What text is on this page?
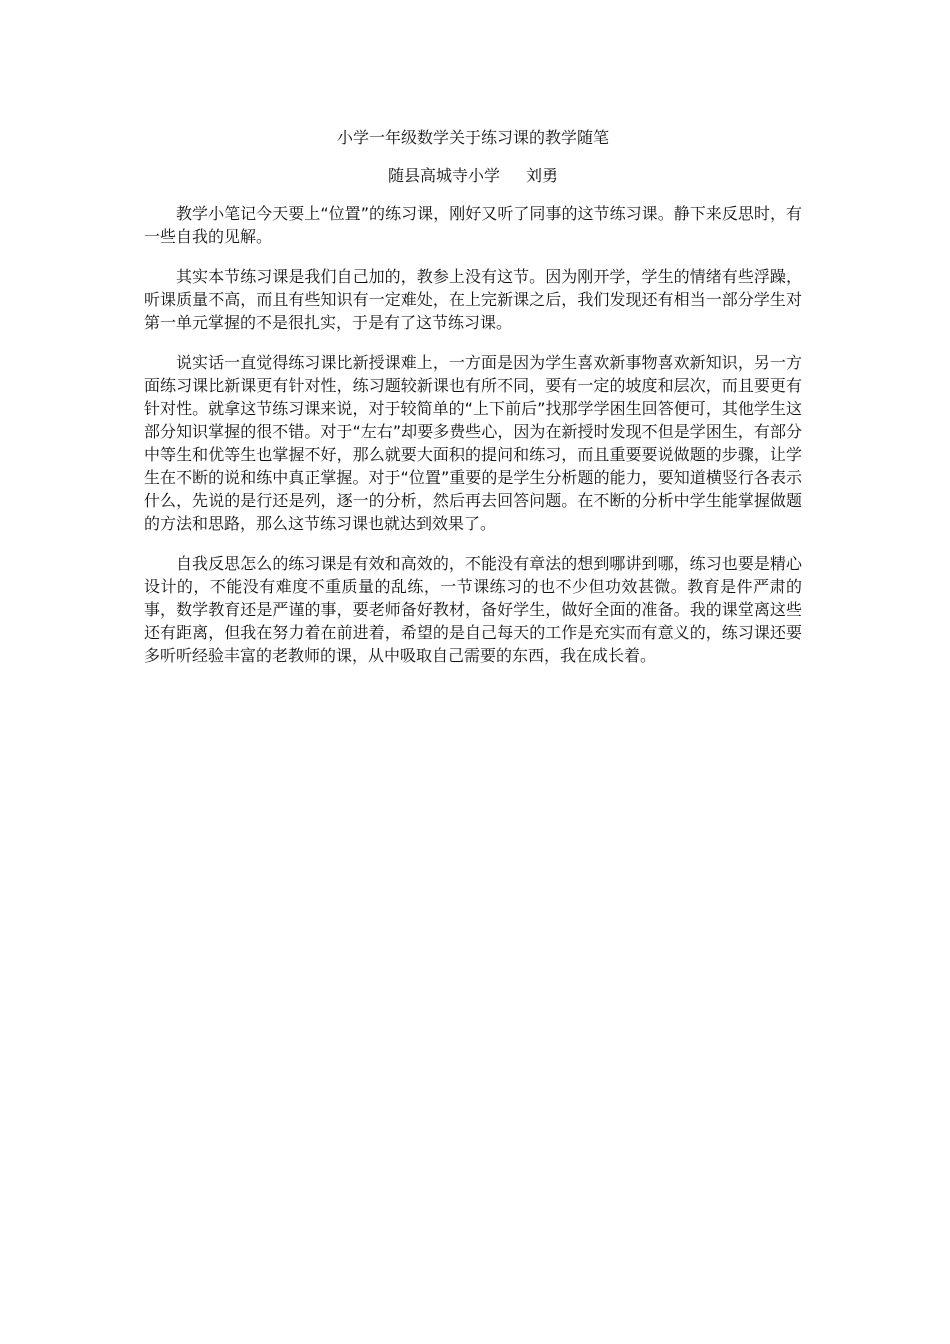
小学一年级数学关于练习课的教学随笔

随县高城寺小学 刘勇

教学小笔记今天要上“位置”的练习课，刚好又听了同事的这节练习课。静下来反思时，有一些自我的见解。

其实本节练习课是我们自己加的，教参上没有这节。因为刚开学，学生的情绪有些浮躁，听课质量不高，而且有些知识有一定难处，在上完新课之后，我们发现还有相当一部分学生对第一单元掌握的不是很扎实，于是有了这节练习课。

说实话一直觉得练习课比新授课难上，一方面是因为学生喜欢新事物喜欢新知识，另一方面练习课比新课更有针对性，练习题较新课也有所不同，要有一定的坡度和层次，而且要更有针对性。就拿这节练习课来说，对于较简单的“上下前后”找那学学困生回答便可，其他学生这部分知识掌握的很不错。对于“左右”却要多费些心，因为在新授时发现不但是学困生，有部分中等生和优等生也掌握不好，那么就要大面积的提问和练习，而且重要要说做题的步骤，让学生在不断的说和练中真正掌握。对于“位置”重要的是学生分析题的能力，要知道横竖行各表示什么，先说的是行还是列，逐一的分析，然后再去回答问题。在不断的分析中学生能掌握做题的方法和思路，那么这节练习课也就达到效果了。

自我反思怎么的练习课是有效和高效的，不能没有章法的想到哪讲到哪，练习也要是精心设计的，不能没有难度不重质量的乱练，一节课练习的也不少但功效甚微。教育是件严肃的事，数学教育还是严谨的事，要老师备好教材，备好学生，做好全面的准备。我的课堂离这些还有距离，但我在努力着在前进着，希望的是自己每天的工作是充实而有意义的，练习课还要多听听经验丰富的老教师的课，从中吸取自己需要的东西，我在成长着。
